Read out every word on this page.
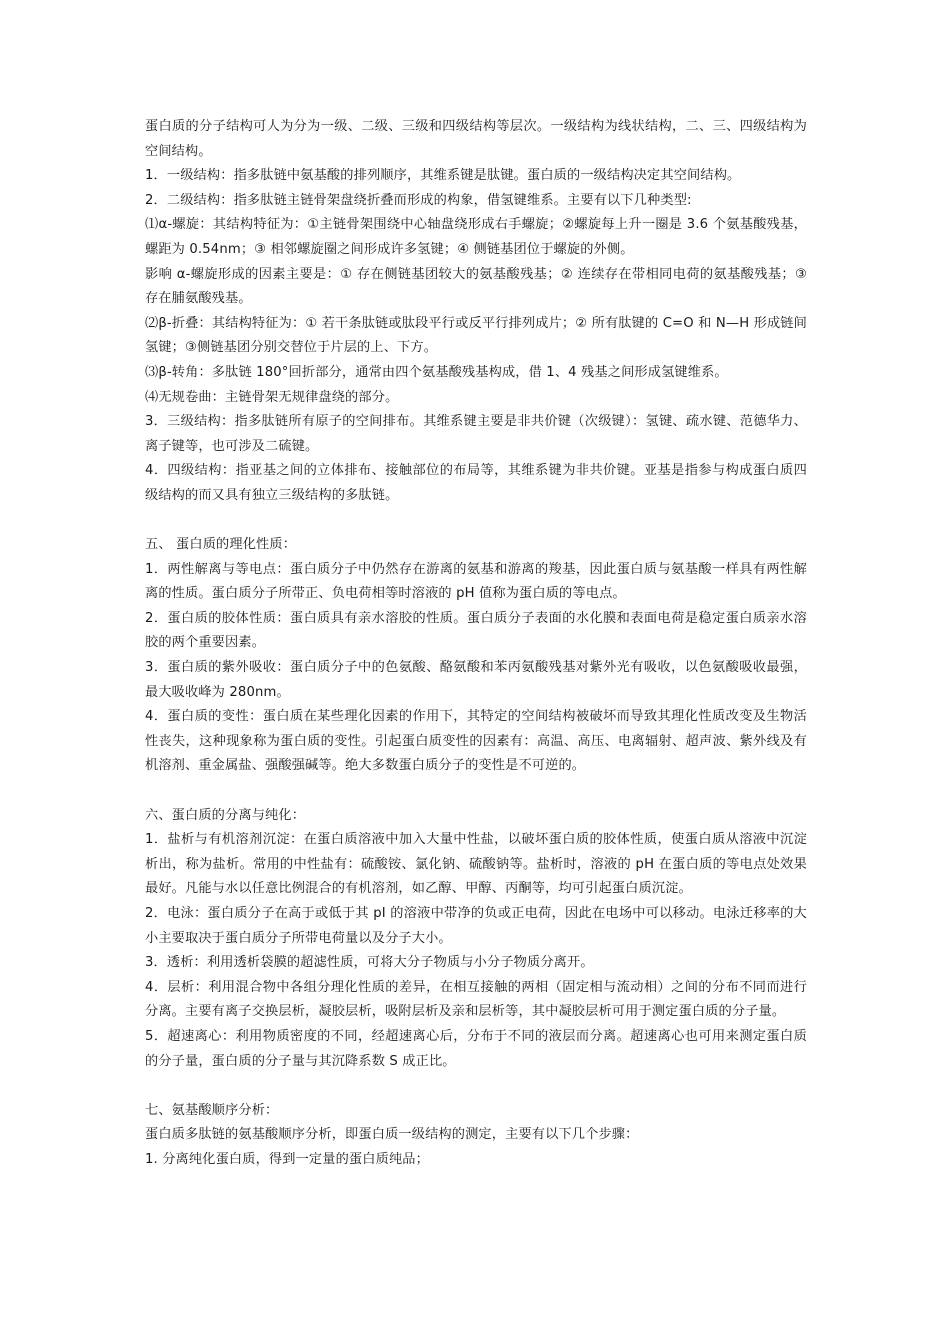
蛋白质的分子结构可人为分为一级、二级、三级和四级结构等层次。一级结构为线状结构，二、三、四级结构为空间结构。

1．一级结构：指多肽链中氨基酸的排列顺序，其维系键是肽键。蛋白质的一级结构决定其空间结构。

2．二级结构：指多肽链主链骨架盘绕折叠而形成的构象，借氢键维系。主要有以下几种类型:

⑴α-螺旋：其结构特征为：①主链骨架围绕中心轴盘绕形成右手螺旋；②螺旋每上升一圈是 3.6 个氨基酸残基，螺距为 0.54nm；③ 相邻螺旋圈之间形成许多氢键；④ 侧链基团位于螺旋的外侧。

影响 α-螺旋形成的因素主要是：① 存在侧链基团较大的氨基酸残基；② 连续存在带相同电荷的氨基酸残基；③ 存在脯氨酸残基。

⑵β-折叠：其结构特征为：① 若干条肽链或肽段平行或反平行排列成片；② 所有肽键的 C=O 和 N—H 形成链间氢键；③侧链基团分别交替位于片层的上、下方。

⑶β-转角：多肽链 180°回折部分，通常由四个氨基酸残基构成，借 1、4 残基之间形成氢键维系。

⑷无规卷曲：主链骨架无规律盘绕的部分。

3．三级结构：指多肽链所有原子的空间排布。其维系键主要是非共价键（次级键）：氢键、疏水键、范德华力、离子键等，也可涉及二硫键。

4．四级结构：指亚基之间的立体排布、接触部位的布局等，其维系键为非共价键。亚基是指参与构成蛋白质四级结构的而又具有独立三级结构的多肽链。

五、 蛋白质的理化性质：

1．两性解离与等电点：蛋白质分子中仍然存在游离的氨基和游离的羧基，因此蛋白质与氨基酸一样具有两性解离的性质。蛋白质分子所带正、负电荷相等时溶液的 pH 值称为蛋白质的等电点。

2．蛋白质的胶体性质：蛋白质具有亲水溶胶的性质。蛋白质分子表面的水化膜和表面电荷是稳定蛋白质亲水溶胶的两个重要因素。

3．蛋白质的紫外吸收：蛋白质分子中的色氨酸、酪氨酸和苯丙氨酸残基对紫外光有吸收，以色氨酸吸收最强，最大吸收峰为 280nm。

4．蛋白质的变性：蛋白质在某些理化因素的作用下，其特定的空间结构被破坏而导致其理化性质改变及生物活性丧失，这种现象称为蛋白质的变性。引起蛋白质变性的因素有：高温、高压、电离辐射、超声波、紫外线及有机溶剂、重金属盐、强酸强碱等。绝大多数蛋白质分子的变性是不可逆的。

六、蛋白质的分离与纯化：

1．盐析与有机溶剂沉淀：在蛋白质溶液中加入大量中性盐，以破坏蛋白质的胶体性质，使蛋白质从溶液中沉淀析出，称为盐析。常用的中性盐有：硫酸铵、氯化钠、硫酸钠等。盐析时，溶液的 pH 在蛋白质的等电点处效果最好。凡能与水以任意比例混合的有机溶剂，如乙醇、甲醇、丙酮等，均可引起蛋白质沉淀。

2．电泳：蛋白质分子在高于或低于其 pI 的溶液中带净的负或正电荷，因此在电场中可以移动。电泳迁移率的大小主要取决于蛋白质分子所带电荷量以及分子大小。

3．透析：利用透析袋膜的超滤性质，可将大分子物质与小分子物质分离开。

4．层析：利用混合物中各组分理化性质的差异，在相互接触的两相（固定相与流动相）之间的分布不同而进行分离。主要有离子交换层析，凝胶层析，吸附层析及亲和层析等，其中凝胶层析可用于测定蛋白质的分子量。

5．超速离心：利用物质密度的不同，经超速离心后，分布于不同的液层而分离。超速离心也可用来测定蛋白质的分子量，蛋白质的分子量与其沉降系数 S 成正比。

七、氨基酸顺序分析：

蛋白质多肽链的氨基酸顺序分析，即蛋白质一级结构的测定，主要有以下几个步骤：

1. 分离纯化蛋白质，得到一定量的蛋白质纯品；
